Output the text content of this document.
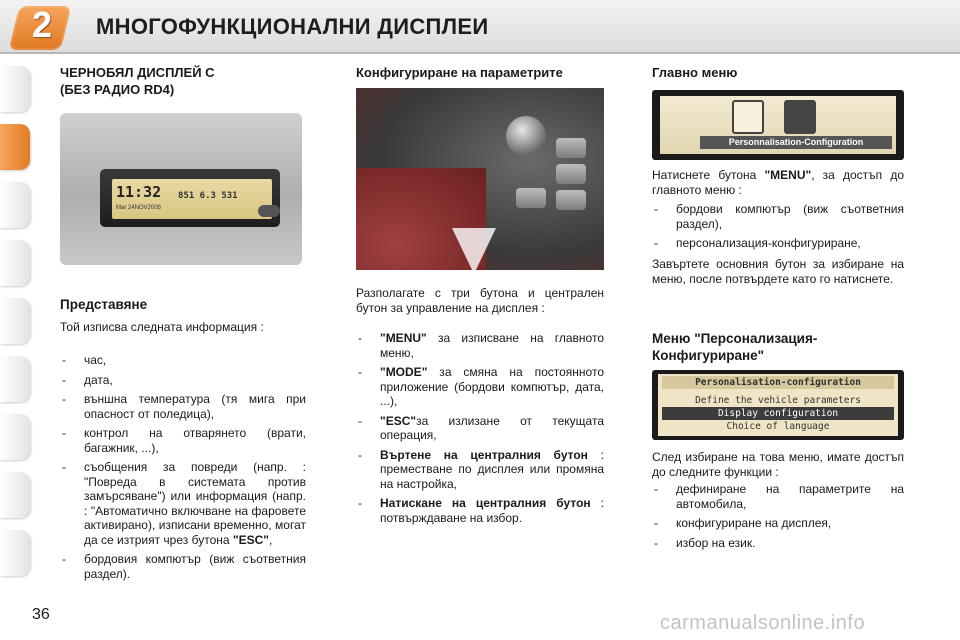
2	МНОГОФУНКЦИОНАЛНИ ДИСПЛЕИ
ЧЕРНОБЯЛ ДИСПЛЕЙ С
(БЕЗ РАДИО RD4)
11:32
Mar 24NOV2005
851 6.3 531
Представяне
Той изписва следната информация :
- час,
- дата,
- външна температура (тя мига при опасност от поледица),
- контрол на отварянето (врати, багажник, ...),
- съобщения за повреди (напр. : "Повреда в системата против замърсяване") или информация (напр. : "Автоматично включване на фаровете активирано), изписани временно, могат да се изтрият чрез бутона "ESC",
- бордовия компютър (виж съответния раздел).
Конфигуриране на параметрите
Разполагате с три бутона и централен бутон за управление на дисплея :
- "MENU" за изписване на главното меню,
- "MODE" за смяна на постоянното приложение (бордови компютър, дата, ...),
- "ESC"за излизане от текущата операция,
- Въртене на централния бутон : преместване по дисплея или промяна на настройка,
- Натискане на централния бутон : потвърждаване на избор.
Главно меню
Personnalisation-Configuration
Натиснете бутона "MENU", за достъп до главното меню :
- бордови компютър (виж съответния раздел),
- персонализация-конфигуриране,
Завъртете основния бутон за избиране на меню, после потвърдете като го натиснете.
Меню "Персонализация-
Конфигуриране"
Personalisation-configuration
Define the vehicle parameters
Display configuration
Choice of language
След избиране на това меню, имате достъп до следните функции :
- дефиниране на параметрите на автомобила,
- конфигуриране на дисплея,
- избор на език.
36	carmanualsonline.info
